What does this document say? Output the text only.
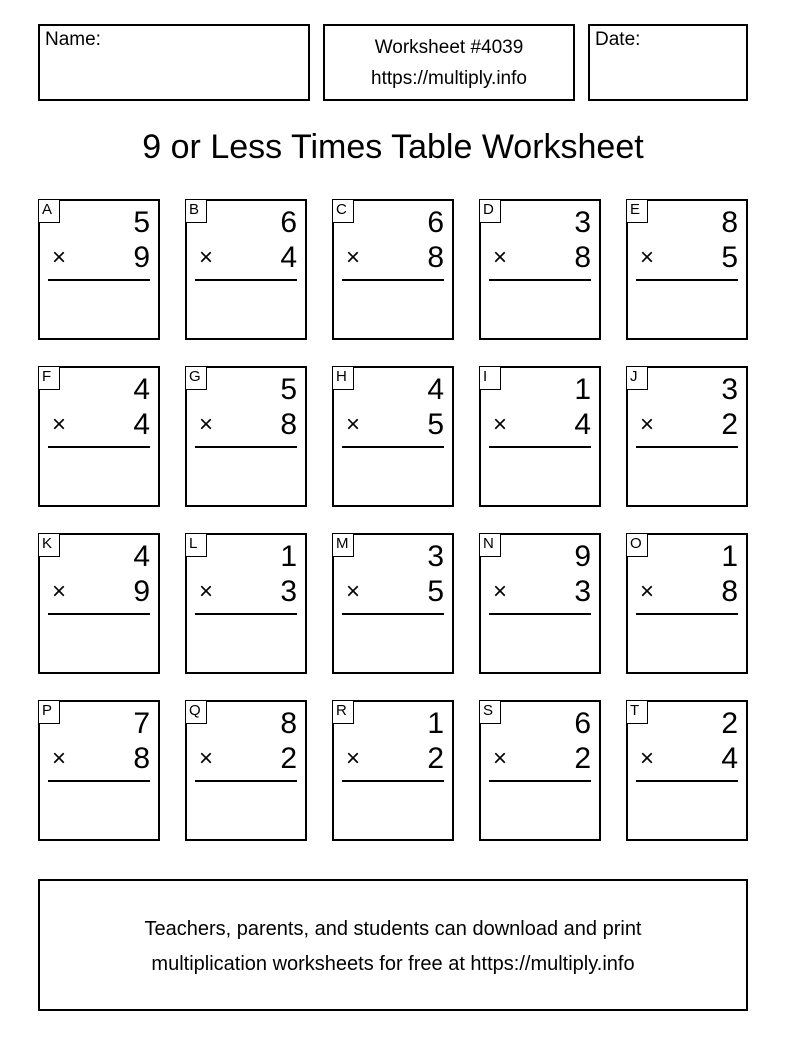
Name:	Worksheet #4039
https://multiply.info
Date:
9 or Less Times Table Worksheet
A	5
× 9
B	6
× 4
C	6
× 8
D	3
× 8
E	8
× 5
F	4
× 4
G	5
× 8
H	4
× 5
I	1
× 4
J	3
× 2
K	4
× 9
L	1
× 3
M	3
× 5
N	9
× 3
O	1
× 8
P	7
× 8
Q	8
× 2
R	1
× 2
S	6
× 2
T	2
× 4
Teachers, parents, and students can download and print
multiplication worksheets for free at https://multiply.info
